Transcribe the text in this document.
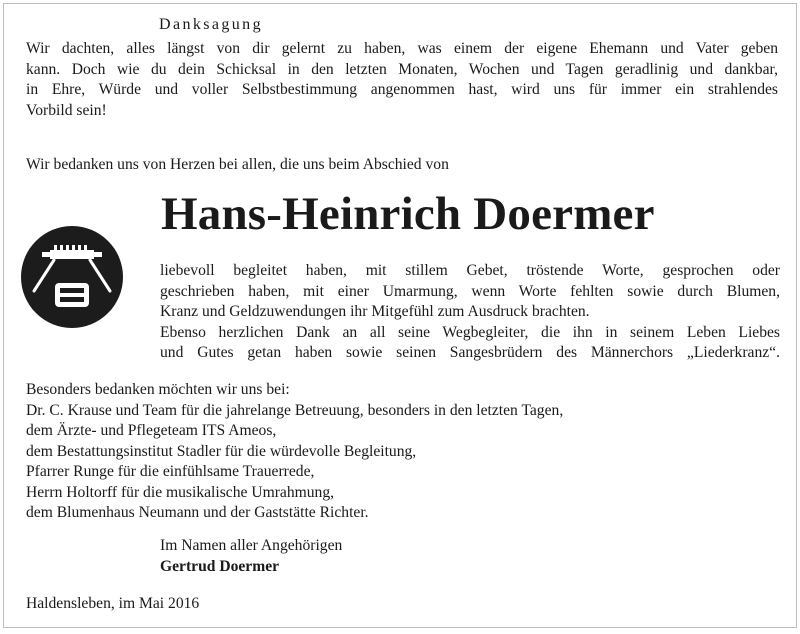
Danksagung
Wir dachten, alles längst von dir gelernt zu haben, was einem der eigene Ehemann und Vater geben
kann. Doch wie du dein Schicksal in den letzten Monaten, Wochen und Tagen geradlinig und dankbar,
in Ehre, Würde und voller Selbstbestimmung angenommen hast, wird uns für immer ein strahlendes
Vorbild sein!
Wir bedanken uns von Herzen bei allen, die uns beim Abschied von
Hans-Heinrich Doermer
liebevoll begleitet haben, mit stillem Gebet, tröstende Worte, gesprochen oder
geschrieben haben, mit einer Umarmung, wenn Worte fehlten sowie durch Blumen,
Kranz und Geldzuwendungen ihr Mitgefühl zum Ausdruck brachten.
Ebenso herzlichen Dank an all seine Wegbegleiter, die ihn in seinem Leben Liebes
und Gutes getan haben sowie seinen Sangesbrüdern des Männerchors „Liederkranz“.
Besonders bedanken möchten wir uns bei:
Dr. C. Krause und Team für die jahrelange Betreuung, besonders in den letzten Tagen,
dem Ärzte- und Pflegeteam ITS Ameos,
dem Bestattungsinstitut Stadler für die würdevolle Begleitung,
Pfarrer Runge für die einfühlsame Trauerrede,
Herrn Holtorff für die musikalische Umrahmung,
dem Blumenhaus Neumann und der Gaststätte Richter.
Im Namen aller Angehörigen
Gertrud Doermer
Haldensleben, im Mai 2016
